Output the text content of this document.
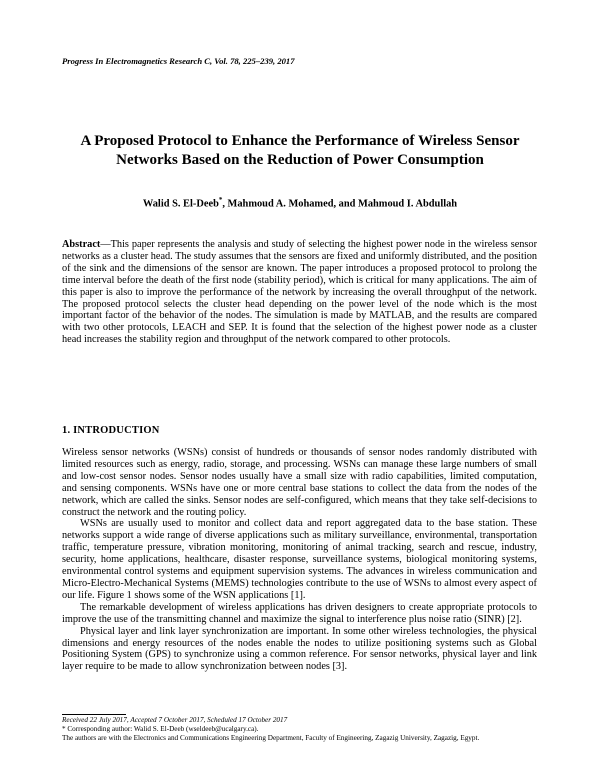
Progress In Electromagnetics Research C, Vol. 78, 225–239, 2017
A Proposed Protocol to Enhance the Performance of Wireless Sensor
Networks Based on the Reduction of Power Consumption
Walid S. El-Deeb*, Mahmoud A. Mohamed, and Mahmoud I. Abdullah
Abstract—This paper represents the analysis and study of selecting the highest power node in the wireless sensor networks as a cluster head. The study assumes that the sensors are fixed and uniformly distributed, and the position of the sink and the dimensions of the sensor are known. The paper introduces a proposed protocol to prolong the time interval before the death of the first node (stability period), which is critical for many applications. The aim of this paper is also to improve the performance of the network by increasing the overall throughput of the network. The proposed protocol selects the cluster head depending on the power level of the node which is the most important factor of the behavior of the nodes. The simulation is made by MATLAB, and the results are compared with two other protocols, LEACH and SEP. It is found that the selection of the highest power node as a cluster head increases the stability region and throughput of the network compared to other protocols.
1. INTRODUCTION

Wireless sensor networks (WSNs) consist of hundreds or thousands of sensor nodes randomly distributed with limited resources such as energy, radio, storage, and processing. WSNs can manage these large numbers of small and low-cost sensor nodes. Sensor nodes usually have a small size with radio capabilities, limited computation, and sensing components. WSNs have one or more central base stations to collect the data from the nodes of the network, which are called the sinks. Sensor nodes are self-configured, which means that they take self-decisions to construct the network and the routing policy.

WSNs are usually used to monitor and collect data and report aggregated data to the base station. These networks support a wide range of diverse applications such as military surveillance, environmental, transportation traffic, temperature pressure, vibration monitoring, monitoring of animal tracking, search and rescue, industry, security, home applications, healthcare, disaster response, surveillance systems, biological monitoring systems, environmental control systems and equipment supervision systems. The advances in wireless communication and Micro-Electro-Mechanical Systems (MEMS) technologies contribute to the use of WSNs to almost every aspect of our life. Figure 1 shows some of the WSN applications [1].

The remarkable development of wireless applications has driven designers to create appropriate protocols to improve the use of the transmitting channel and maximize the signal to interference plus noise ratio (SINR) [2].

Physical layer and link layer synchronization are important. In some other wireless technologies, the physical dimensions and energy resources of the nodes enable the nodes to utilize positioning systems such as Global Positioning System (GPS) to synchronize using a common reference. For sensor networks, physical layer and link layer require to be made to allow synchronization between nodes [3].

Received 22 July 2017, Accepted 7 October 2017, Scheduled 17 October 2017
* Corresponding author: Walid S. El-Deeb (wseldeeb@ucalgary.ca).
The authors are with the Electronics and Communications Engineering Department, Faculty of Engineering, Zagazig University, Zagazig, Egypt.
